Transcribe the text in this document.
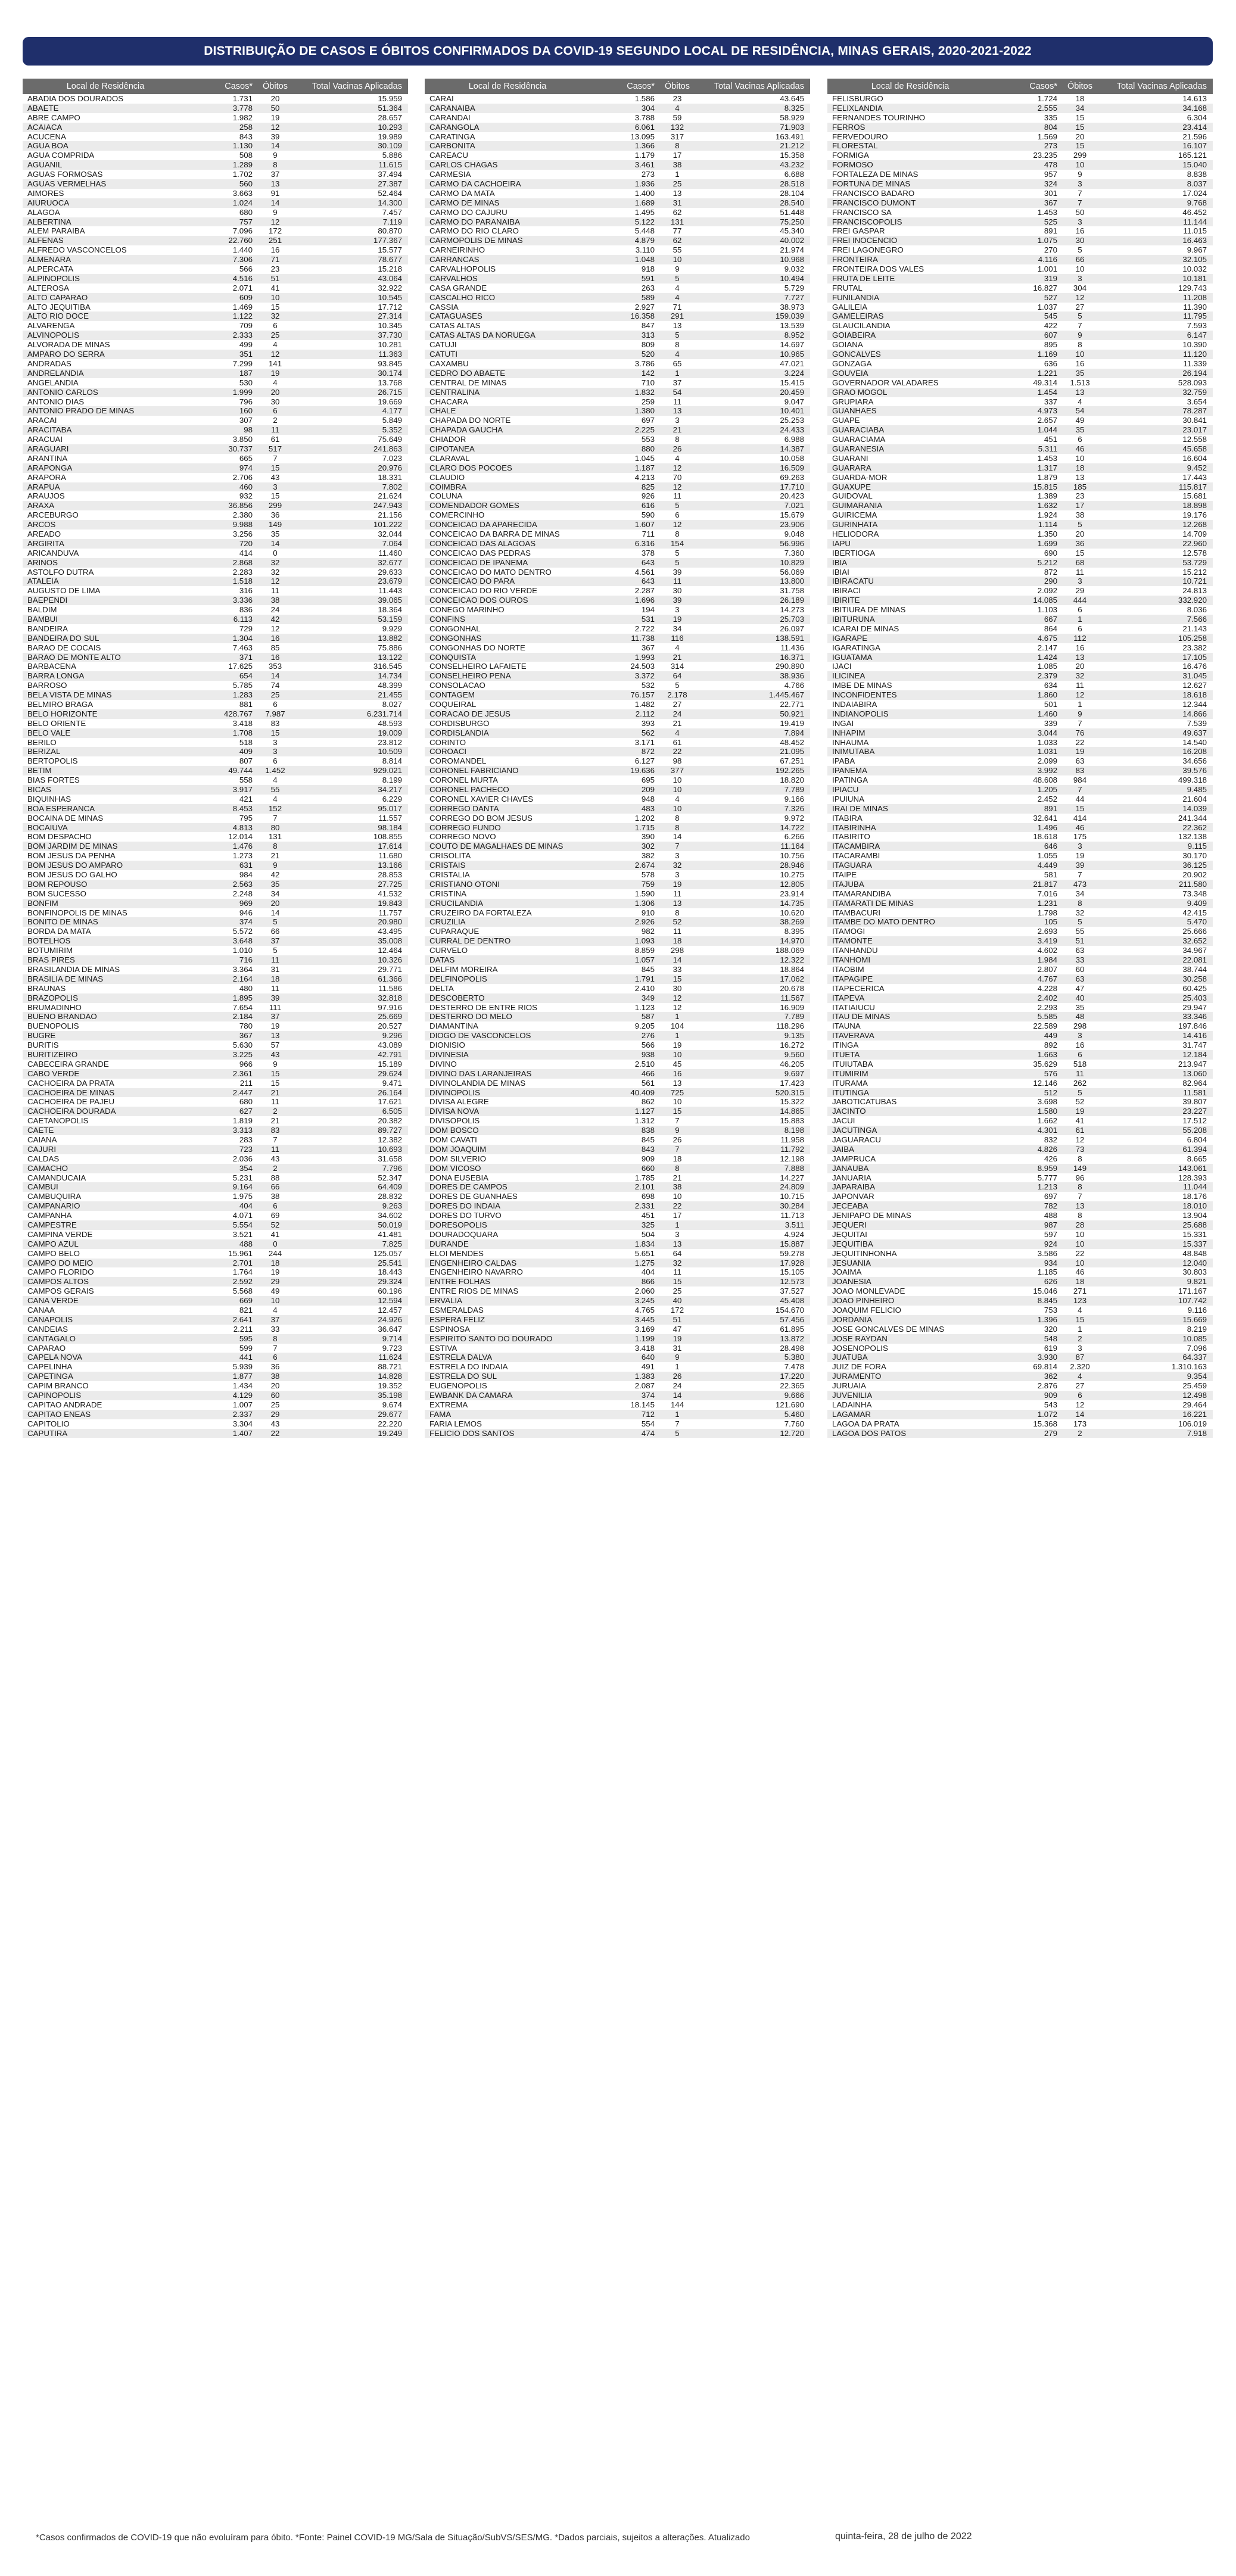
DISTRIBUIÇÃO DE CASOS E ÓBITOS CONFIRMADOS DA COVID-19 SEGUNDO LOCAL DE RESIDÊNCIA, MINAS GERAIS, 2020-2021-2022
Local de Residência	Casos*	Óbitos	Total Vacinas Aplicadas
ABADIA DOS DOURADOS	1.731	20	15.959
ABAETE	3.778	50	51.364
ABRE CAMPO	1.982	19	28.657
ACAIACA	258	12	10.293
ACUCENA	843	39	19.989
AGUA BOA	1.130	14	30.109
AGUA COMPRIDA	508	9	5.886
AGUANIL	1.289	8	11.615
AGUAS FORMOSAS	1.702	37	37.494
AGUAS VERMELHAS	560	13	27.387
AIMORES	3.663	91	52.464
AIURUOCA	1.024	14	14.300
ALAGOA	680	9	7.457
ALBERTINA	757	12	7.119
ALEM PARAIBA	7.096	172	80.870
ALFENAS	22.760	251	177.367
ALFREDO VASCONCELOS	1.440	16	15.577
ALMENARA	7.306	71	78.677
ALPERCATA	566	23	15.218
ALPINOPOLIS	4.516	51	43.064
ALTEROSA	2.071	41	32.922
ALTO CAPARAO	609	10	10.545
ALTO JEQUITIBA	1.469	15	17.712
ALTO RIO DOCE	1.122	32	27.314
ALVARENGA	709	6	10.345
ALVINOPOLIS	2.333	25	37.730
ALVORADA DE MINAS	499	4	10.281
AMPARO DO SERRA	351	12	11.363
ANDRADAS	7.299	141	93.845
ANDRELANDIA	187	19	30.174
ANGELANDIA	530	4	13.768
ANTONIO CARLOS	1.999	20	26.715
ANTONIO DIAS	796	30	19.669
ANTONIO PRADO DE MINAS	160	6	4.177
ARACAI	307	2	5.849
ARACITABA	98	11	5.352
ARACUAI	3.850	61	75.649
ARAGUARI	30.737	517	241.863
ARANTINA	665	7	7.023
ARAPONGA	974	15	20.976
ARAPORA	2.706	43	18.331
ARAPUA	460	3	7.802
ARAUJOS	932	15	21.624
ARAXA	36.856	299	247.943
ARCEBURGO	2.380	36	21.156
ARCOS	9.988	149	101.222
AREADO	3.256	35	32.044
ARGIRITA	720	14	7.064
ARICANDUVA	414	0	11.460
ARINOS	2.868	32	32.677
ASTOLFO DUTRA	2.283	32	29.633
ATALEIA	1.518	12	23.679
AUGUSTO DE LIMA	316	11	11.443
BAEPENDI	3.336	38	39.065
BALDIM	836	24	18.364
BAMBUI	6.113	42	53.159
BANDEIRA	729	12	9.929
BANDEIRA DO SUL	1.304	16	13.882
BARAO DE COCAIS	7.463	85	75.886
BARAO DE MONTE ALTO	371	16	13.122
BARBACENA	17.625	353	316.545
BARRA LONGA	654	14	14.734
BARROSO	5.785	74	48.399
BELA VISTA DE MINAS	1.283	25	21.455
BELMIRO BRAGA	881	6	8.027
BELO HORIZONTE	428.767	7.987	6.231.714
BELO ORIENTE	3.418	83	48.593
BELO VALE	1.708	15	19.009
BERILO	518	3	23.812
BERIZAL	409	3	10.509
BERTOPOLIS	807	6	8.814
BETIM	49.744	1.452	929.021
BIAS FORTES	558	4	8.199
BICAS	3.917	55	34.217
BIQUINHAS	421	4	6.229
BOA ESPERANCA	8.453	152	95.017
BOCAINA DE MINAS	795	7	11.557
BOCAIUVA	4.813	80	98.184
BOM DESPACHO	12.014	131	108.855
BOM JARDIM DE MINAS	1.476	8	17.614
BOM JESUS DA PENHA	1.273	21	11.680
BOM JESUS DO AMPARO	631	9	13.166
BOM JESUS DO GALHO	984	42	28.853
BOM REPOUSO	2.563	35	27.725
BOM SUCESSO	2.248	34	41.532
BONFIM	969	20	19.843
BONFINOPOLIS DE MINAS	946	14	11.757
BONITO DE MINAS	374	5	20.980
BORDA DA MATA	5.572	66	43.495
BOTELHOS	3.648	37	35.008
BOTUMIRIM	1.010	5	12.464
BRAS PIRES	716	11	10.326
BRASILANDIA DE MINAS	3.364	31	29.771
BRASILIA DE MINAS	2.164	18	61.366
BRAUNAS	480	11	11.586
BRAZOPOLIS	1.895	39	32.818
BRUMADINHO	7.654	111	97.916
BUENO BRANDAO	2.184	37	25.669
BUENOPOLIS	780	19	20.527
BUGRE	367	13	9.296
BURITIS	5.630	57	43.089
BURITIZEIRO	3.225	43	42.791
CABECEIRA GRANDE	966	9	15.189
CABO VERDE	2.361	15	29.624
CACHOEIRA DA PRATA	211	15	9.471
CACHOEIRA DE MINAS	2.447	21	26.164
CACHOEIRA DE PAJEU	680	11	17.621
CACHOEIRA DOURADA	627	2	6.505
CAETANOPOLIS	1.819	21	20.382
CAETE	3.313	83	89.727
CAIANA	283	7	12.382
CAJURI	723	11	10.693
CALDAS	2.036	43	31.658
CAMACHO	354	2	7.796
CAMANDUCAIA	5.231	88	52.347
CAMBUI	9.164	66	64.409
CAMBUQUIRA	1.975	38	28.832
CAMPANARIO	404	6	9.263
CAMPANHA	4.071	69	34.602
CAMPESTRE	5.554	52	50.019
CAMPINA VERDE	3.521	41	41.481
CAMPO AZUL	488	0	7.825
CAMPO BELO	15.961	244	125.057
CAMPO DO MEIO	2.701	18	25.541
CAMPO FLORIDO	1.764	19	18.443
CAMPOS ALTOS	2.592	29	29.324
CAMPOS GERAIS	5.568	49	60.196
CANA VERDE	669	10	12.594
CANAA	821	4	12.457
CANAPOLIS	2.641	37	24.926
CANDEIAS	2.211	33	36.647
CANTAGALO	595	8	9.714
CAPARAO	599	7	9.723
CAPELA NOVA	441	6	11.624
CAPELINHA	5.939	36	88.721
CAPETINGA	1.877	38	14.828
CAPIM BRANCO	1.434	20	19.352
CAPINOPOLIS	4.129	60	35.198
CAPITAO ANDRADE	1.007	25	9.674
CAPITAO ENEAS	2.337	29	29.677
CAPITOLIO	3.304	43	22.220
CAPUTIRA	1.407	22	19.249
Local de Residência	Casos*	Óbitos	Total Vacinas Aplicadas
CARAI	1.586	23	43.645
CARANAIBA	304	4	8.325
CARANDAI	3.788	59	58.929
CARANGOLA	6.061	132	71.903
CARATINGA	13.095	317	163.491
CARBONITA	1.366	8	21.212
CAREACU	1.179	17	15.358
CARLOS CHAGAS	3.461	38	43.232
CARMESIA	273	1	6.688
CARMO DA CACHOEIRA	1.936	25	28.518
CARMO DA MATA	1.400	13	28.104
CARMO DE MINAS	1.689	31	28.540
CARMO DO CAJURU	1.495	62	51.448
CARMO DO PARANAIBA	5.122	131	75.250
CARMO DO RIO CLARO	5.448	77	45.340
CARMOPOLIS DE MINAS	4.879	62	40.002
CARNEIRINHO	3.110	55	21.974
CARRANCAS	1.048	10	10.968
CARVALHOPOLIS	918	9	9.032
CARVALHOS	591	5	10.494
CASA GRANDE	263	4	5.729
CASCALHO RICO	589	4	7.727
CASSIA	2.927	71	38.973
CATAGUASES	16.358	291	159.039
CATAS ALTAS	847	13	13.539
CATAS ALTAS DA NORUEGA	313	5	8.952
CATUJI	809	8	14.697
CATUTI	520	4	10.965
CAXAMBU	3.786	65	47.021
CEDRO DO ABAETE	142	1	3.224
CENTRAL DE MINAS	710	37	15.415
CENTRALINA	1.832	54	20.459
CHACARA	259	11	9.047
CHALE	1.380	13	10.401
CHAPADA DO NORTE	697	3	25.253
CHAPADA GAUCHA	2.225	21	24.433
CHIADOR	553	8	6.988
CIPOTANEA	880	26	14.387
CLARAVAL	1.045	4	10.058
CLARO DOS POCOES	1.187	12	16.509
CLAUDIO	4.213	70	69.263
COIMBRA	825	12	17.710
COLUNA	926	11	20.423
COMENDADOR GOMES	616	5	7.021
COMERCINHO	590	6	15.679
CONCEICAO DA APARECIDA	1.607	12	23.906
CONCEICAO DA BARRA DE MINAS	711	8	9.048
CONCEICAO DAS ALAGOAS	6.316	154	56.996
CONCEICAO DAS PEDRAS	378	5	7.360
CONCEICAO DE IPANEMA	643	5	10.829
CONCEICAO DO MATO DENTRO	4.561	39	56.069
CONCEICAO DO PARA	643	11	13.800
CONCEICAO DO RIO VERDE	2.287	30	31.758
CONCEICAO DOS OUROS	1.696	39	26.189
CONEGO MARINHO	194	3	14.273
CONFINS	531	19	25.703
CONGONHAL	2.722	34	26.097
CONGONHAS	11.738	116	138.591
CONGONHAS DO NORTE	367	4	11.436
CONQUISTA	1.993	21	16.371
CONSELHEIRO LAFAIETE	24.503	314	290.890
CONSELHEIRO PENA	3.372	64	38.936
CONSOLACAO	532	5	4.766
CONTAGEM	76.157	2.178	1.445.467
COQUEIRAL	1.482	27	22.771
CORACAO DE JESUS	2.112	24	50.921
CORDISBURGO	393	21	19.419
CORDISLANDIA	562	4	7.894
CORINTO	3.171	61	48.452
COROACI	872	22	21.095
COROMANDEL	6.127	98	67.251
CORONEL FABRICIANO	19.636	377	192.265
CORONEL MURTA	695	10	18.820
CORONEL PACHECO	209	10	7.789
CORONEL XAVIER CHAVES	948	4	9.166
CORREGO DANTA	483	10	7.326
CORREGO DO BOM JESUS	1.202	8	9.972
CORREGO FUNDO	1.715	8	14.722
CORREGO NOVO	390	14	6.266
COUTO DE MAGALHAES DE MINAS	302	7	11.164
CRISOLITA	382	3	10.756
CRISTAIS	2.674	32	28.946
CRISTALIA	578	3	10.275
CRISTIANO OTONI	759	19	12.805
CRISTINA	1.590	11	23.914
CRUCILANDIA	1.306	13	14.735
CRUZEIRO DA FORTALEZA	910	8	10.620
CRUZILIA	2.926	52	38.269
CUPARAQUE	982	11	8.395
CURRAL DE DENTRO	1.093	18	14.970
CURVELO	8.859	298	188.069
DATAS	1.057	14	12.322
DELFIM MOREIRA	845	33	18.864
DELFINOPOLIS	1.791	15	17.062
DELTA	2.410	30	20.678
DESCOBERTO	349	12	11.567
DESTERRO DE ENTRE RIOS	1.123	12	16.909
DESTERRO DO MELO	587	1	7.789
DIAMANTINA	9.205	104	118.296
DIOGO DE VASCONCELOS	276	1	9.135
DIONISIO	566	19	16.272
DIVINESIA	938	10	9.560
DIVINO	2.510	45	46.205
DIVINO DAS LARANJEIRAS	466	16	9.697
DIVINOLANDIA DE MINAS	561	13	17.423
DIVINOPOLIS	40.409	725	520.315
DIVISA ALEGRE	862	10	15.322
DIVISA NOVA	1.127	15	14.865
DIVISOPOLIS	1.312	7	15.883
DOM BOSCO	838	9	8.198
DOM CAVATI	845	26	11.958
DOM JOAQUIM	843	7	11.792
DOM SILVERIO	909	18	12.198
DOM VICOSO	660	8	7.888
DONA EUSEBIA	1.785	21	14.227
DORES DE CAMPOS	2.101	38	24.809
DORES DE GUANHAES	698	10	10.715
DORES DO INDAIA	2.331	22	30.284
DORES DO TURVO	451	17	11.713
DORESOPOLIS	325	1	3.511
DOURADOQUARA	504	3	4.924
DURANDE	1.834	13	15.887
ELOI MENDES	5.651	64	59.278
ENGENHEIRO CALDAS	1.275	32	17.928
ENGENHEIRO NAVARRO	404	11	15.105
ENTRE FOLHAS	866	15	12.573
ENTRE RIOS DE MINAS	2.060	25	37.527
ERVALIA	3.245	40	45.408
ESMERALDAS	4.765	172	154.670
ESPERA FELIZ	3.445	51	57.456
ESPINOSA	3.169	47	61.895
ESPIRITO SANTO DO DOURADO	1.199	19	13.872
ESTIVA	3.418	31	28.498
ESTRELA DALVA	640	9	5.380
ESTRELA DO INDAIA	491	1	7.478
ESTRELA DO SUL	1.383	26	17.220
EUGENOPOLIS	2.087	24	22.365
EWBANK DA CAMARA	374	14	9.666
EXTREMA	18.145	144	121.690
FAMA	712	1	5.460
FARIA LEMOS	554	7	7.760
FELICIO DOS SANTOS	474	5	12.720
Local de Residência	Casos*	Óbitos	Total Vacinas Aplicadas
FELISBURGO	1.724	18	14.613
FELIXLANDIA	2.555	34	34.168
FERNANDES TOURINHO	335	15	6.304
FERROS	804	15	23.414
FERVEDOURO	1.569	20	21.596
FLORESTAL	273	15	16.107
FORMIGA	23.235	299	165.121
FORMOSO	478	10	15.040
FORTALEZA DE MINAS	957	9	8.838
FORTUNA DE MINAS	324	3	8.037
FRANCISCO BADARO	301	7	17.024
FRANCISCO DUMONT	367	7	9.768
FRANCISCO SA	1.453	50	46.452
FRANCISCOPOLIS	525	3	11.144
FREI GASPAR	891	16	11.015
FREI INOCENCIO	1.075	30	16.463
FREI LAGONEGRO	270	5	9.967
FRONTEIRA	4.116	66	32.105
FRONTEIRA DOS VALES	1.001	10	10.032
FRUTA DE LEITE	319	3	10.181
FRUTAL	16.827	304	129.743
FUNILANDIA	527	12	11.208
GALILEIA	1.037	27	11.390
GAMELEIRAS	545	5	11.795
GLAUCILANDIA	422	7	7.593
GOIABEIRA	607	9	6.147
GOIANA	895	8	10.390
GONCALVES	1.169	10	11.120
GONZAGA	636	16	11.339
GOUVEIA	1.221	35	26.194
GOVERNADOR VALADARES	49.314	1.513	528.093
GRAO MOGOL	1.454	13	32.759
GRUPIARA	337	4	3.654
GUANHAES	4.973	54	78.287
GUAPE	2.657	49	30.841
GUARACIABA	1.044	35	23.017
GUARACIAMA	451	6	12.558
GUARANESIA	5.311	46	45.658
GUARANI	1.453	10	16.604
GUARARA	1.317	18	9.452
GUARDA-MOR	1.879	13	17.443
GUAXUPE	15.815	185	115.817
GUIDOVAL	1.389	23	15.681
GUIMARANIA	1.632	17	18.898
GUIRICEMA	1.924	38	19.176
GURINHATA	1.114	5	12.268
HELIODORA	1.350	20	14.709
IAPU	1.699	36	22.960
IBERTIOGA	690	15	12.578
IBIA	5.212	68	53.729
IBIAI	872	11	15.212
IBIRACATU	290	3	10.721
IBIRACI	2.092	29	24.813
IBIRITE	14.085	444	332.920
IBITIURA DE MINAS	1.103	6	8.036
IBITURUNA	667	1	7.566
ICARAI DE MINAS	864	6	21.143
IGARAPE	4.675	112	105.258
IGARATINGA	2.147	16	23.382
IGUATAMA	1.424	13	17.105
IJACI	1.085	20	16.476
ILICINEA	2.379	32	31.045
IMBE DE MINAS	634	11	12.627
INCONFIDENTES	1.860	12	18.618
INDAIABIRA	501	1	12.344
INDIANOPOLIS	1.460	9	14.866
INGAI	339	7	7.539
INHAPIM	3.044	76	49.637
INHAUMA	1.033	22	14.540
INIMUTABA	1.031	19	16.208
IPABA	2.099	63	34.656
IPANEMA	3.992	83	39.576
IPATINGA	48.608	984	499.318
IPIACU	1.205	7	9.485
IPUIUNA	2.452	44	21.604
IRAI DE MINAS	891	15	14.039
ITABIRA	32.641	414	241.344
ITABIRINHA	1.496	46	22.362
ITABIRITO	18.618	175	132.138
ITACAMBIRA	646	3	9.115
ITACARAMBI	1.055	19	30.170
ITAGUARA	4.449	39	36.125
ITAIPE	581	7	20.902
ITAJUBA	21.817	473	211.580
ITAMARANDIBA	7.016	34	73.348
ITAMARATI DE MINAS	1.231	8	9.409
ITAMBACURI	1.798	32	42.415
ITAMBE DO MATO DENTRO	105	5	5.470
ITAMOGI	2.693	55	25.666
ITAMONTE	3.419	51	32.652
ITANHANDU	4.602	63	34.967
ITANHOMI	1.984	33	22.081
ITAOBIM	2.807	60	38.744
ITAPAGIPE	4.767	63	30.258
ITAPECERICA	4.228	47	60.425
ITAPEVA	2.402	40	25.403
ITATIAIUCU	2.293	35	29.947
ITAU DE MINAS	5.585	48	33.346
ITAUNA	22.589	298	197.846
ITAVERAVA	449	3	14.416
ITINGA	892	16	31.747
ITUETA	1.663	6	12.184
ITUIUTABA	35.629	518	213.947
ITUMIRIM	576	11	13.060
ITURAMA	12.146	262	82.964
ITUTINGA	512	5	11.581
JABOTICATUBAS	3.698	52	39.807
JACINTO	1.580	19	23.227
JACUI	1.662	41	17.512
JACUTINGA	4.301	61	55.208
JAGUARACU	832	12	6.804
JAIBA	4.826	73	61.394
JAMPRUCA	426	8	8.665
JANAUBA	8.959	149	143.061
JANUARIA	5.777	96	128.393
JAPARAIBA	1.213	8	11.044
JAPONVAR	697	7	18.176
JECEABA	782	13	18.010
JENIPAPO DE MINAS	488	8	13.904
JEQUERI	987	28	25.688
JEQUITAI	597	10	15.331
JEQUITIBA	924	10	15.337
JEQUITINHONHA	3.586	22	48.848
JESUANIA	934	10	12.040
JOAIMA	1.185	46	30.803
JOANESIA	626	18	9.821
JOAO MONLEVADE	15.046	271	171.167
JOAO PINHEIRO	8.845	123	107.742
JOAQUIM FELICIO	753	4	9.116
JORDANIA	1.396	15	15.669
JOSE GONCALVES DE MINAS	320	1	8.219
JOSE RAYDAN	548	2	10.085
JOSENOPOLIS	619	3	7.096
JUATUBA	3.930	87	64.337
JUIZ DE FORA	69.814	2.320	1.310.163
JURAMENTO	362	4	9.354
JURUAIA	2.876	27	25.459
JUVENILIA	909	6	12.498
LADAINHA	543	12	29.464
LAGAMAR	1.072	14	16.221
LAGOA DA PRATA	15.368	173	106.019
LAGOA DOS PATOS	279	2	7.918
*Casos confirmados de COVID-19 que não evoluíram para óbito. *Fonte: Painel COVID-19 MG/Sala de Situação/SubVS/SES/MG. *Dados parciais, sujeitos a alterações. Atualizado	quinta-feira, 28 de julho de 2022
